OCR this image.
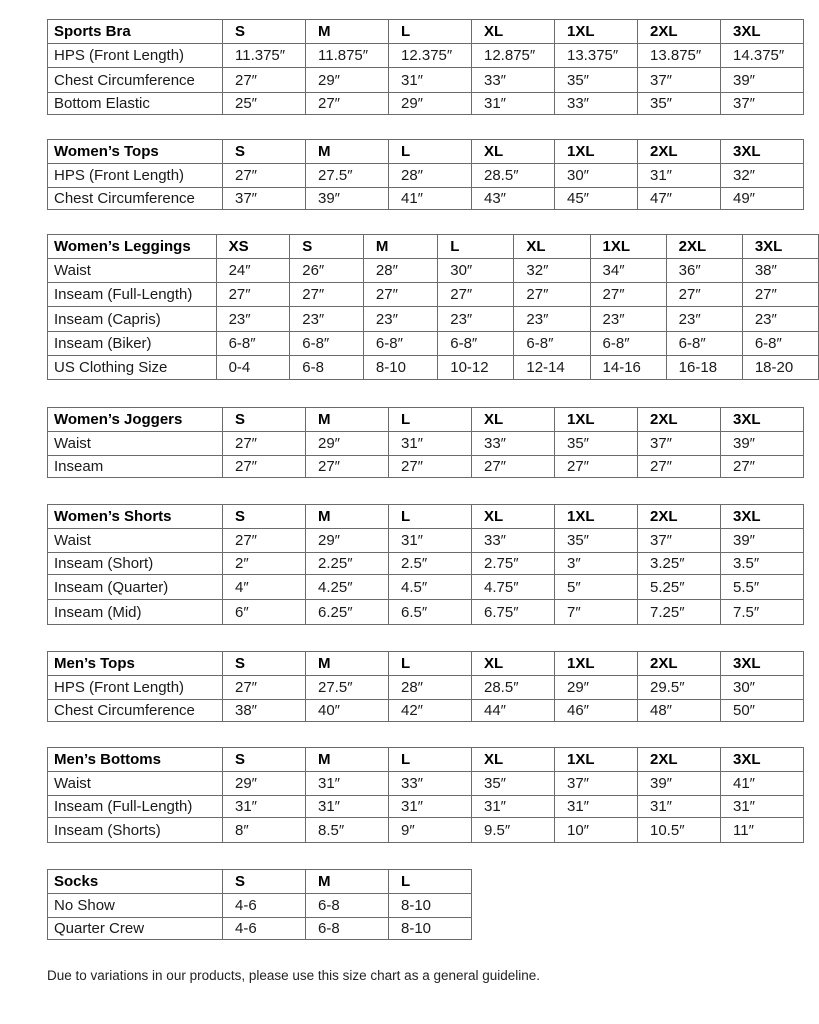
Sports Bra	S	M	L	XL	1XL	2XL	3XL
HPS (Front Length)	11.375″	11.875″	12.375″	12.875″	13.375″	13.875″	14.375″
Chest Circumference	27″	29″	31″	33″	35″	37″	39″
Bottom Elastic	25″	27″	29″	31″	33″	35″	37″
Women’s Tops	S	M	L	XL	1XL	2XL	3XL
HPS (Front Length)	27″	27.5″	28″	28.5″	30″	31″	32″
Chest Circumference	37″	39″	41″	43″	45″	47″	49″
Women’s Leggings	XS	S	M	L	XL	1XL	2XL	3XL
Waist	24″	26″	28″	30″	32″	34″	36″	38″
Inseam (Full-Length)	27″	27″	27″	27″	27″	27″	27″	27″
Inseam (Capris)	23″	23″	23″	23″	23″	23″	23″	23″
Inseam (Biker)	6-8″	6-8″	6-8″	6-8″	6-8″	6-8″	6-8″	6-8″
US Clothing Size	0-4	6-8	8-10	10-12	12-14	14-16	16-18	18-20
Women’s Joggers	S	M	L	XL	1XL	2XL	3XL
Waist	27″	29″	31″	33″	35″	37″	39″
Inseam	27″	27″	27″	27″	27″	27″	27″
Women’s Shorts	S	M	L	XL	1XL	2XL	3XL
Waist	27″	29″	31″	33″	35″	37″	39″
Inseam (Short)	2″	2.25″	2.5″	2.75″	3″	3.25″	3.5″
Inseam (Quarter)	4″	4.25″	4.5″	4.75″	5″	5.25″	5.5″
Inseam (Mid)	6″	6.25″	6.5″	6.75″	7″	7.25″	7.5″
Men’s Tops	S	M	L	XL	1XL	2XL	3XL
HPS (Front Length)	27″	27.5″	28″	28.5″	29″	29.5″	30″
Chest Circumference	38″	40″	42″	44″	46″	48″	50″
Men’s Bottoms	S	M	L	XL	1XL	2XL	3XL
Waist	29″	31″	33″	35″	37″	39″	41″
Inseam (Full-Length)	31″	31″	31″	31″	31″	31″	31″
Inseam (Shorts)	8″	8.5″	9″	9.5″	10″	10.5″	11″
Socks	S	M	L
No Show	4-6	6-8	8-10
Quarter Crew	4-6	6-8	8-10
Due to variations in our products, please use this size chart as a general guideline.
